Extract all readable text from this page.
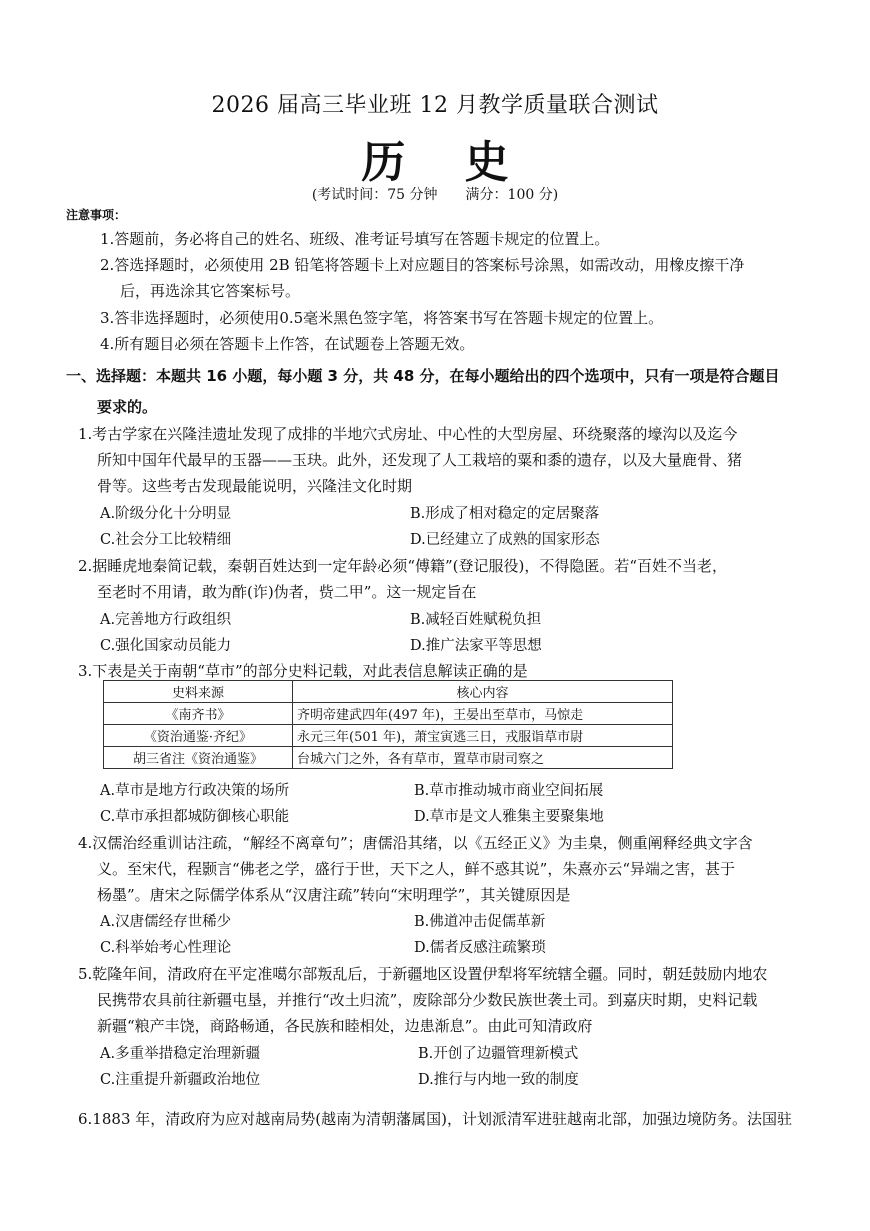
2026 届高三毕业班 12 月教学质量联合测试
历 史
(考试时间：75 分钟　　满分：100 分)
注意事项：
1.答题前，务必将自己的姓名、班级、准考证号填写在答题卡规定的位置上。
2.答选择题时，必须使用 2B 铅笔将答题卡上对应题目的答案标号涂黑，如需改动，用橡皮擦干净
后，再选涂其它答案标号。
3.答非选择题时，必须使用0.5毫米黑色签字笔，将答案书写在答题卡规定的位置上。
4.所有题目必须在答题卡上作答，在试题卷上答题无效。
一、选择题：本题共 16 小题，每小题 3 分，共 48 分，在每小题给出的四个选项中，只有一项是符合题目
要求的。
1.考古学家在兴隆洼遗址发现了成排的半地穴式房址、中心性的大型房屋、环绕聚落的壕沟以及迄今
所知中国年代最早的玉器——玉玦。此外，还发现了人工栽培的粟和黍的遗存，以及大量鹿骨、猪
骨等。这些考古发现最能说明，兴隆洼文化时期
A.阶级分化十分明显	B.形成了相对稳定的定居聚落
C.社会分工比较精细	D.已经建立了成熟的国家形态
2.据睡虎地秦简记载，秦朝百姓达到一定年龄必须“傅籍”(登记服役)，不得隐匿。若“百姓不当老，
至老时不用请，敢为酢(诈)伪者，赀二甲”。这一规定旨在
A.完善地方行政组织	B.减轻百姓赋税负担
C.强化国家动员能力	D.推广法家平等思想
3.下表是关于南朝“草市”的部分史料记载，对此表信息解读正确的是
史料来源	核心内容
《南齐书》	齐明帝建武四年(497 年)，王晏出至草市，马惊走
《资治通鉴·齐纪》	永元三年(501 年)，萧宝寅逃三日，戎服诣草市尉
胡三省注《资治通鉴》	台城六门之外，各有草市，置草市尉司察之
A.草市是地方行政决策的场所	B.草市推动城市商业空间拓展
C.草市承担都城防御核心职能	D.草市是文人雅集主要聚集地
4.汉儒治经重训诂注疏，“解经不离章句”；唐儒沿其绪，以《五经正义》为圭臬，侧重阐释经典文字含
义。至宋代，程颢言“佛老之学，盛行于世，天下之人，鲜不惑其说”，朱熹亦云“异端之害，甚于
杨墨”。唐宋之际儒学体系从“汉唐注疏”转向“宋明理学”，其关键原因是
A.汉唐儒经存世稀少	B.佛道冲击促儒革新
C.科举始考心性理论	D.儒者反感注疏繁琐
5.乾隆年间，清政府在平定准噶尔部叛乱后，于新疆地区设置伊犁将军统辖全疆。同时，朝廷鼓励内地农
民携带农具前往新疆屯垦，并推行“改土归流”，废除部分少数民族世袭土司。到嘉庆时期，史料记载
新疆“粮产丰饶，商路畅通，各民族和睦相处，边患渐息”。由此可知清政府
A.多重举措稳定治理新疆	B.开创了边疆管理新模式
C.注重提升新疆政治地位	D.推行与内地一致的制度
6.1883 年，清政府为应对越南局势(越南为清朝藩属国)，计划派清军进驻越南北部，加强边境防务。法国驻
